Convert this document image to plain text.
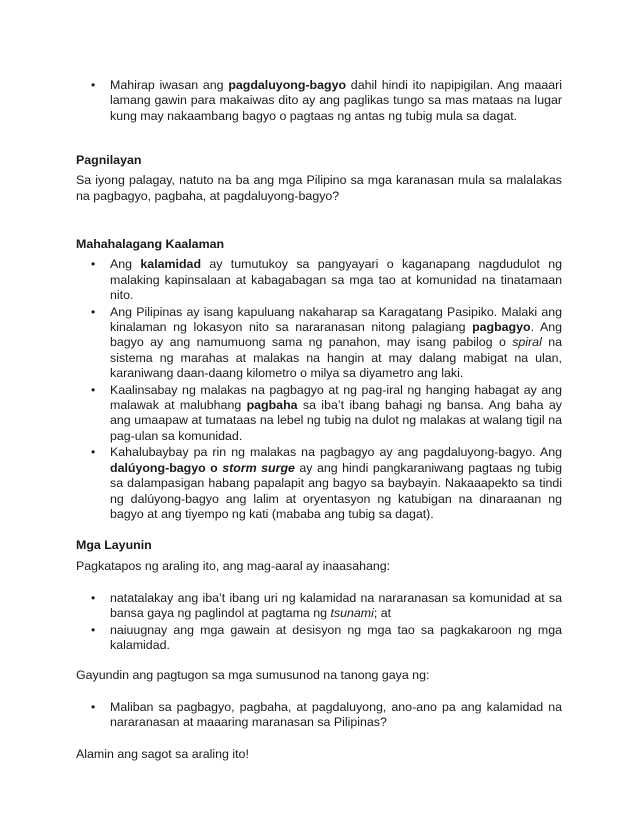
• Mahirap iwasan ang pagdaluyong-bagyo dahil hindi ito napipigilan. Ang maaari lamang gawin para makaiwas dito ay ang paglikas tungo sa mas mataas na lugar kung may nakaambang bagyo o pagtaas ng antas ng tubig mula sa dagat.
Pagnilayan

Sa iyong palagay, natuto na ba ang mga Pilipino sa mga karanasan mula sa malalakas na pagbagyo, pagbaha, at pagdaluyong-bagyo?

Mahahalagang Kaalaman
• Ang kalamidad ay tumutukoy sa pangyayari o kaganapang nagdudulot ng malaking kapinsalaan at kabagabagan sa mga tao at komunidad na tinatamaan nito.
• Ang Pilipinas ay isang kapuluang nakaharap sa Karagatang Pasipiko. Malaki ang kinalaman ng lokasyon nito sa nararanasan nitong palagiang pagbagyo. Ang bagyo ay ang namumuong sama ng panahon, may isang pabilog o spiral na sistema ng marahas at malakas na hangin at may dalang mabigat na ulan, karaniwang daan-daang kilometro o milya sa diyametro ang laki.
• Kaalinsabay ng malakas na pagbagyo at ng pag-iral ng hanging habagat ay ang malawak at malubhang pagbaha sa iba’t ibang bahagi ng bansa. Ang baha ay ang umaapaw at tumataas na lebel ng tubig na dulot ng malakas at walang tigil na pag-ulan sa komunidad.
• Kahalubaybay pa rin ng malakas na pagbagyo ay ang pagdaluyong-bagyo. Ang dalúyong-bagyo o storm surge ay ang hindi pangkaraniwang pagtaas ng tubig sa dalampasigan habang papalapit ang bagyo sa baybayin. Nakaaapekto sa tindi ng dalúyong-bagyo ang lalim at oryentasyon ng katubigan na dinaraanan ng bagyo at ang tiyempo ng kati (mababa ang tubig sa dagat).
Mga Layunin

Pagkatapos ng araling ito, ang mag-aaral ay inaasahang:

• natatalakay ang iba’t ibang uri ng kalamidad na nararanasan sa komunidad at sa bansa gaya ng paglindol at pagtama ng tsunami; at
• naiuugnay ang mga gawain at desisyon ng mga tao sa pagkakaroon ng mga kalamidad.

Gayundin ang pagtugon sa mga sumusunod na tanong gaya ng:

• Maliban sa pagbagyo, pagbaha, at pagdaluyong, ano-ano pa ang kalamidad na nararanasan at maaaring maranasan sa Pilipinas?

Alamin ang sagot sa araling ito!
